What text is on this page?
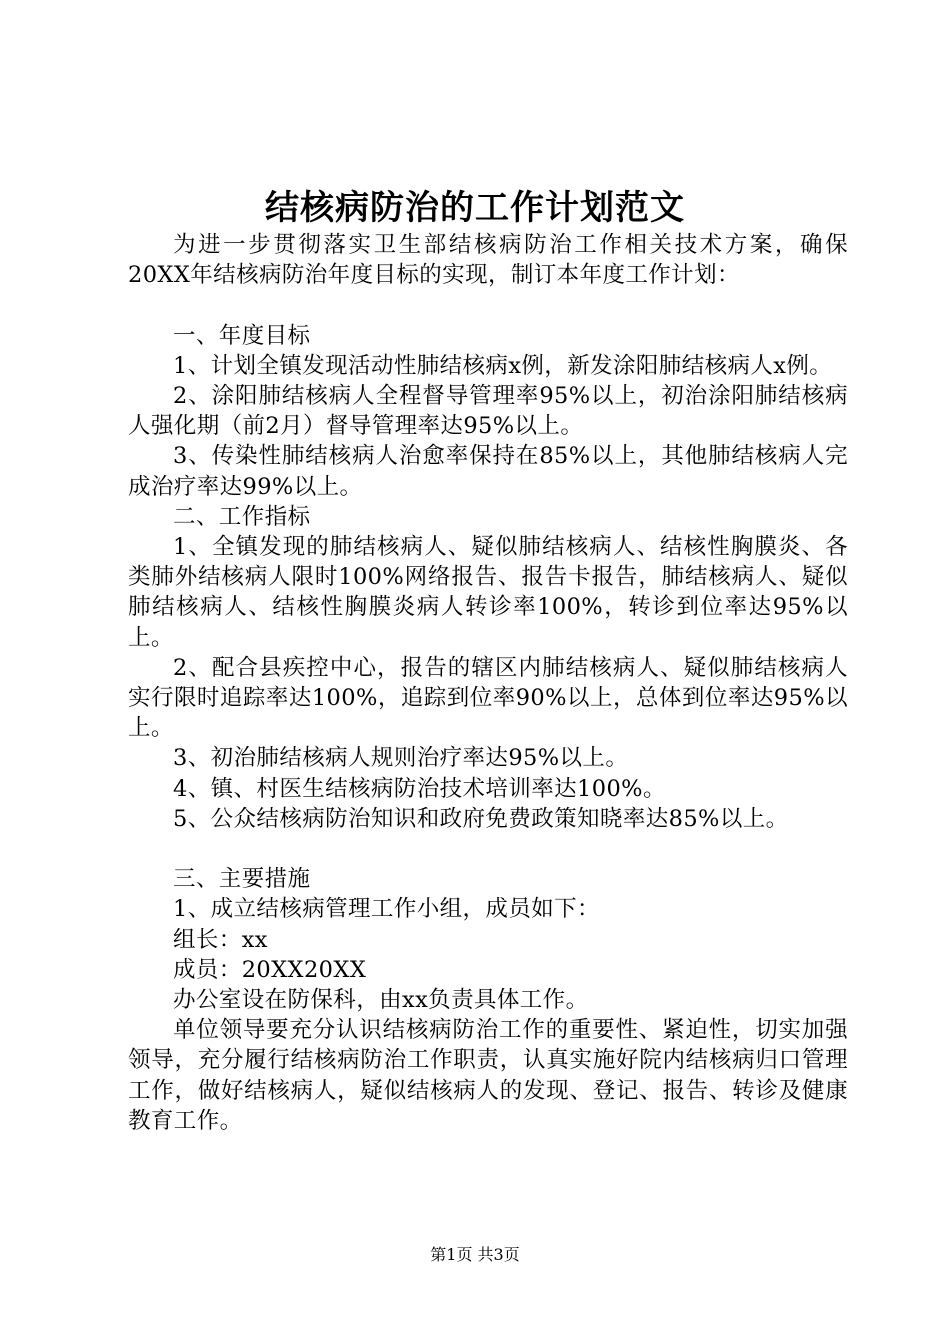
结核病防治的工作计划范文

为进一步贯彻落实卫生部结核病防治工作相关技术方案，确保20XX年结核病防治年度目标的实现，制订本年度工作计划：

一、年度目标

1、计划全镇发现活动性肺结核病x例，新发涂阳肺结核病人x例。

2、涂阳肺结核病人全程督导管理率95%以上，初治涂阳肺结核病人强化期（前2月）督导管理率达95%以上。

3、传染性肺结核病人治愈率保持在85%以上，其他肺结核病人完成治疗率达99%以上。

二、工作指标

1、全镇发现的肺结核病人、疑似肺结核病人、结核性胸膜炎、各类肺外结核病人限时100%网络报告、报告卡报告，肺结核病人、疑似肺结核病人、结核性胸膜炎病人转诊率100%，转诊到位率达95%以上。

2、配合县疾控中心，报告的辖区内肺结核病人、疑似肺结核病人实行限时追踪率达100%，追踪到位率90%以上，总体到位率达95%以上。

3、初治肺结核病人规则治疗率达95%以上。

4、镇、村医生结核病防治技术培训率达100%。

5、公众结核病防治知识和政府免费政策知晓率达85%以上。

三、主要措施

1、成立结核病管理工作小组，成员如下：

组长：xx

成员：20XX20XX

办公室设在防保科，由xx负责具体工作。

单位领导要充分认识结核病防治工作的重要性、紧迫性，切实加强领导，充分履行结核病防治工作职责，认真实施好院内结核病归口管理工作，做好结核病人，疑似结核病人的发现、登记、报告、转诊及健康教育工作。

第1页 共3页
